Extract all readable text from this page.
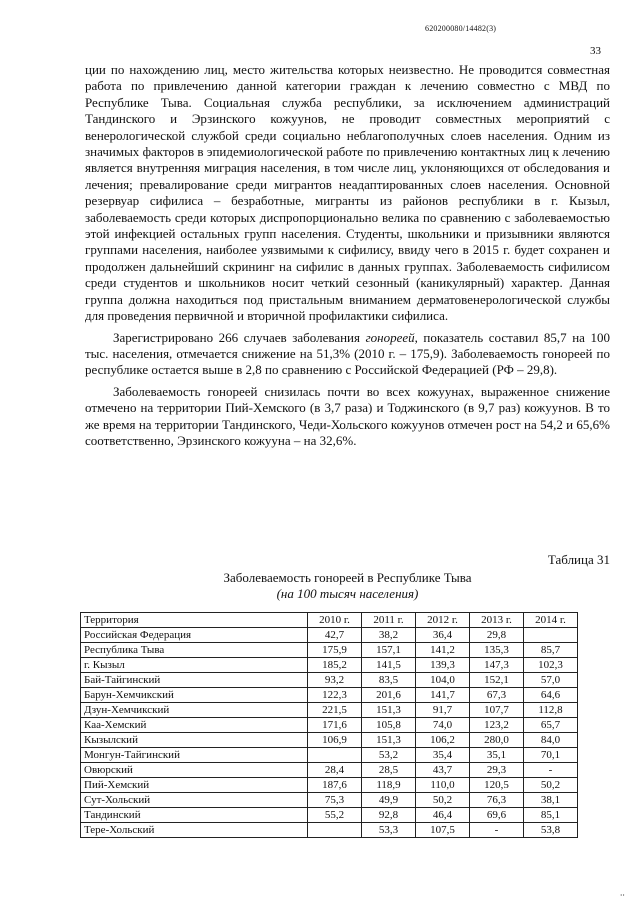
620200080/14482(3)
33

ции по нахождению лиц, место жительства которых неизвестно. Не проводится совместная работа по привлечению данной категории граждан к лечению совместно с МВД по Республике Тыва. Социальная служба республики, за исключением администраций Тандинского и Эрзинского кожуунов, не проводит совместных мероприятий с венерологической службой среди социально неблагополучных слоев населения. Одним из значимых факторов в эпидемиологической работе по привлечению контактных лиц к лечению является внутренняя миграция населения, в том числе лиц, уклоняющихся от обследования и лечения; превалирование среди мигрантов неадаптированных слоев населения. Основной резервуар сифилиса – безработные, мигранты из районов республики в г. Кызыл, заболеваемость среди которых диспропорционально велика по сравнению с заболеваемостью этой инфекцией остальных групп населения. Студенты, школьники и призывники являются группами населения, наиболее уязвимыми к сифилису, ввиду чего в 2015 г. будет сохранен и продолжен дальнейший скрининг на сифилис в данных группах. Заболеваемость сифилисом среди студентов и школьников носит четкий сезонный (каникулярный) характер. Данная группа должна находиться под пристальным вниманием дерматовенерологической службы для проведения первичной и вторичной профилактики сифилиса.

Зарегистрировано 266 случаев заболевания гонореей, показатель составил 85,7 на 100 тыс. населения, отмечается снижение на 51,3% (2010 г. – 175,9). Заболеваемость гонореей по республике остается выше в 2,8 по сравнению с Российской Федерацией (РФ – 29,8).

Заболеваемость гонореей снизилась почти во всех кожуунах, выраженное снижение отмечено на территории Пий-Хемского (в 3,7 раза) и Тоджинского (в 9,7 раз) кожуунов. В то же время на территории Тандинского, Чеди-Хольского кожуунов отмечен рост на 54,2 и 65,6% соответственно, Эрзинского кожууна – на 32,6%.

Таблица 31
Заболеваемость гонореей в Республике Тыва
(на 100 тысяч населения)
Территория	2010 г.	2011 г.	2012 г.	2013 г.	2014 г.
Российская Федерация	42,7	38,2	36,4	29,8	
Республика Тыва	175,9	157,1	141,2	135,3	85,7
г. Кызыл	185,2	141,5	139,3	147,3	102,3
Бай-Тайгинский	93,2	83,5	104,0	152,1	57,0
Барун-Хемчикский	122,3	201,6	141,7	67,3	64,6
Дзун-Хемчикский	221,5	151,3	91,7	107,7	112,8
Каа-Хемский	171,6	105,8	74,0	123,2	65,7
Кызылский	106,9	151,3	106,2	280,0	84,0
Монгун-Тайгинский		53,2	35,4	35,1	70,1
Овюрский	28,4	28,5	43,7	29,3	-
Пий-Хемский	187,6	118,9	110,0	120,5	50,2
Сут-Хольский	75,3	49,9	50,2	76,3	38,1
Тандинский	55,2	92,8	46,4	69,6	85,1
Тере-Хольский		53,3	107,5	-	53,8
⸱⸱
